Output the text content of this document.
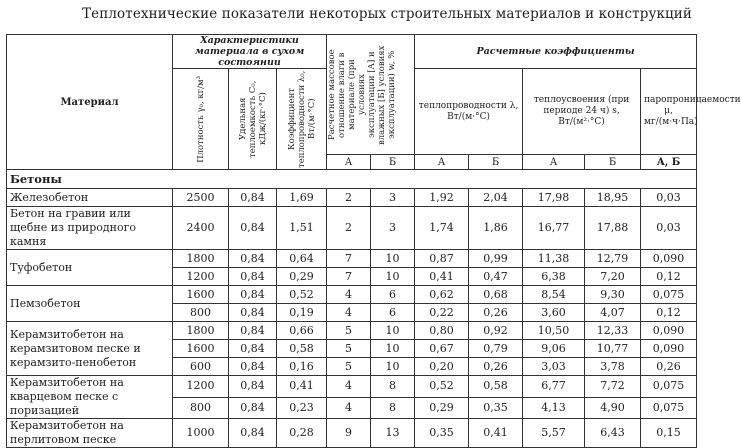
Теплотехнические показатели некоторых строительных материалов и конструкций
Материал	Характеристики материала в сухом состоянии			Расчетное массовое отношение влаги в материале (при условиях эксплуатации [А] и влажных [Б] условиях эксплуатации) w, %		Расчетные коэффициенты				

	Плотность γ₀, кг/м³	Удельная теплоемкость C₀, кДж/(кг·°С)	Коэффициент теплопроводности λ₀, Вт/(м·°С)			теплопроводности λ, Вт/(м·°С)		теплоусвоения (при периоде 24 ч) s, Вт/(м²·°С)		паропроницаемости μ, мг/(м·ч·Па)
				А	Б	А	Б	А	Б	А, Б
Бетоны										
Железобетон	2500	0,84	1,69	2	3	1,92	2,04	17,98	18,95	0,03
Бетон на гравии или щебне из природного камня	2400	0,84	1,51	2	3	1,74	1,86	16,77	17,88	0,03
Туфобетон	1800	0,84	0,64	7	10	0,87	0,99	11,38	12,79	0,090
	1200	0,84	0,29	7	10	0,41	0,47	6,38	7,20	0,12
Пемзобетон	1600	0,84	0,52	4	6	0,62	0,68	8,54	9,30	0,075
	800	0,84	0,19	4	6	0,22	0,26	3,60	4,07	0,12
Керамзитобетон на керамзитовом песке и керамзито-пенобетон	1800	0,84	0,66	5	10	0,80	0,92	10,50	12,33	0,090
	1600	0,84	0,58	5	10	0,67	0,79	9,06	10,77	0,090
	600	0,84	0,16	5	10	0,20	0,26	3,03	3,78	0,26
Керамзитобетон на кварцевом песке с поризацией	1200	0,84	0,41	4	8	0,52	0,58	6,77	7,72	0,075
	800	0,84	0,23	4	8	0,29	0,35	4,13	4,90	0,075
Керамзитобетон на перлитовом песке	1000	0,84	0,28	9	13	0,35	0,41	5,57	6,43	0,15
